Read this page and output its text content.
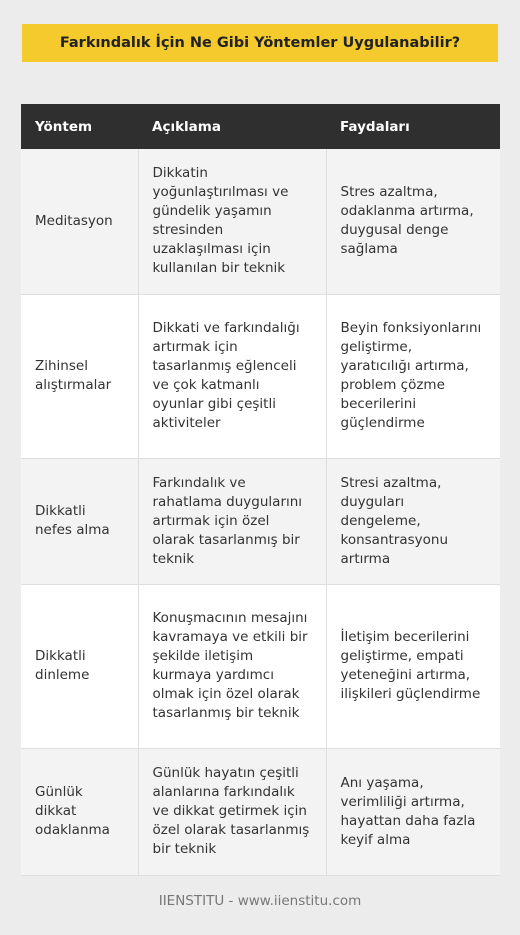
Farkındalık İçin Ne Gibi Yöntemler Uygulanabilir?
Yöntem	Açıklama	Faydaları
Meditasyon	Dikkatin yoğunlaştırılması ve gündelik yaşamın stresinden uzaklaşılması için kullanılan bir teknik	Stres azaltma, odaklanma artırma, duygusal denge sağlama
Zihinsel alıştırmalar	Dikkati ve farkındalığı artırmak için tasarlanmış eğlenceli ve çok katmanlı oyunlar gibi çeşitli aktiviteler	Beyin fonksiyonlarını geliştirme, yaratıcılığı artırma, problem çözme becerilerini güçlendirme
Dikkatli nefes alma	Farkındalık ve rahatlama duygularını artırmak için özel olarak tasarlanmış bir teknik	Stresi azaltma, duyguları dengeleme, konsantrasyonu artırma
Dikkatli dinleme	Konuşmacının mesajını kavramaya ve etkili bir şekilde iletişim kurmaya yardımcı olmak için özel olarak tasarlanmış bir teknik	İletişim becerilerini geliştirme, empati yeteneğini artırma, ilişkileri güçlendirme
Günlük dikkat odaklanma	Günlük hayatın çeşitli alanlarına farkındalık ve dikkat getirmek için özel olarak tasarlanmış bir teknik	Anı yaşama, verimliliği artırma, hayattan daha fazla keyif alma
IIENSTITU - www.iienstitu.com
